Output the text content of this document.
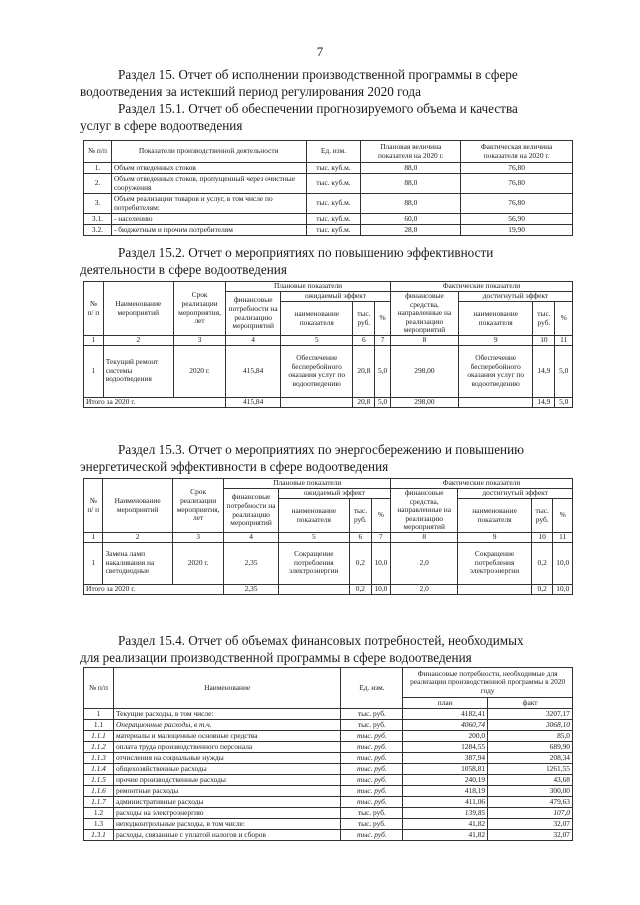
7
Раздел 15. Отчет об исполнении производственной программы в сфере
водоотведения за истекший период регулирования 2020 года
Раздел 15.1. Отчет об обеспечении прогнозируемого объема и качества
услуг в сфере водоотведения
№ п/п	Показатели производственной деятельности	Ед. изм.	Плановая величина показателя на 2020 г.	Фактическая величина показателя на 2020 г.
1.	Объем отведенных стоков	тыс. куб.м.	88,0	76,80
2.	Объем отведенных стоков, пропущенный через очистные сооружения	тыс. куб.м.	88,0	76,80
3.	Объем реализации товаров и услуг, в том числе по потребителям:	тыс. куб.м.	88,0	76,80
3.1.	- населению	тыс. куб.м.	60,0	56,90
3.2.	- бюджетным и прочим потребителям	тыс. куб.м.	28,0	19,90
Раздел 15.2. Отчет о мероприятиях по повышению эффективности
деятельности в сфере водоотведения
№ п/ п	Наименование мероприятий	Срок реализации мероприятия, лет	Плановые показатели				Фактические показатели			
			финансовые потребности на реализацию мероприятий	ожидаемый эффект			финансовые средства, направленные на реализацию мероприятий	достигнутый эффект		
				наименование показателя	тыс. руб.	%		наименование показателя	тыс. руб.	%
1	2	3	4	5	6	7	8	9	10	11
1	Текущий ремонт системы водоотведения	2020 г.	415,84	Обеспечение бесперебойного оказания услуг по водоотведению	20,8	5,0	298,00	Обеспечение бесперебойного оказания услуг по водоотведению	14,9	5,0
Итого за 2020 г.			415,84		20,8	5,0	298,00		14,9	5,0
Раздел 15.3. Отчет о мероприятиях по энергосбережению и повышению
энергетической эффективности в сфере водоотведения
№ п/ п	Наименование мероприятий	Срок реализации мероприятия, лет	Плановые показатели				Фактические показатели			
			финансовые потребности на реализацию мероприятий	ожидаемый эффект			финансовые средства, направленные на реализацию мероприятий	достигнутый эффект		
				наименование показателя	тыс. руб.	%		наименование показателя	тыс. руб.	%
1	2	3	4	5	6	7	8	9	10	11
1	Замена ламп накаливания на светодиодные	2020 г.	2,35	Сокращение потребления электроэнергии	0,2	10,0	2,0	Сокращение потребления электроэнергии	0,2	10,0
Итого за 2020 г.			2,35		0,2	10,0	2,0		0,2	10,0
Раздел 15.4. Отчет об объемах финансовых потребностей, необходимых
для реализации производственной программы в сфере водоотведения
№ п/п	Наименование	Ед. изм.	Финансовые потребности, необходимые для реализации производственной программы в 2020 году	
			план	факт
1	Текущие расходы, в том числе:	тыс. руб.	4182,41	3207,17
1.1	Операционные расходы, в т.ч.	тыс. руб.	4060,74	3068,10
1.1.1	материалы и малоценные основные средства	тыс. руб.	200,0	85,0
1.1.2	оплата труда производственного персонала	тыс. руб.	1284,55	689,90
1.1.3	отчисления на социальные нужды	тыс. руб.	387,94	208,34
1.1.4	общехозяйственные расходы	тыс. руб.	1058,81	1261,55
1.1.5	прочие производственные расходы	тыс. руб.	240,19	43,68
1.1.6	ремонтные расходы	тыс. руб.	418,19	300,00
1.1.7	административные расходы	тыс. руб.	411,06	479,63
1.2	расходы на электроэнергию	тыс. руб.	139,85	107,0
1.3	неподконтрольные расходы, в том числе:	тыс. руб.	41,82	32,07
1.3.1	расходы, связанные с уплатой налогов и сборов	тыс. руб.	41,82	32,07
